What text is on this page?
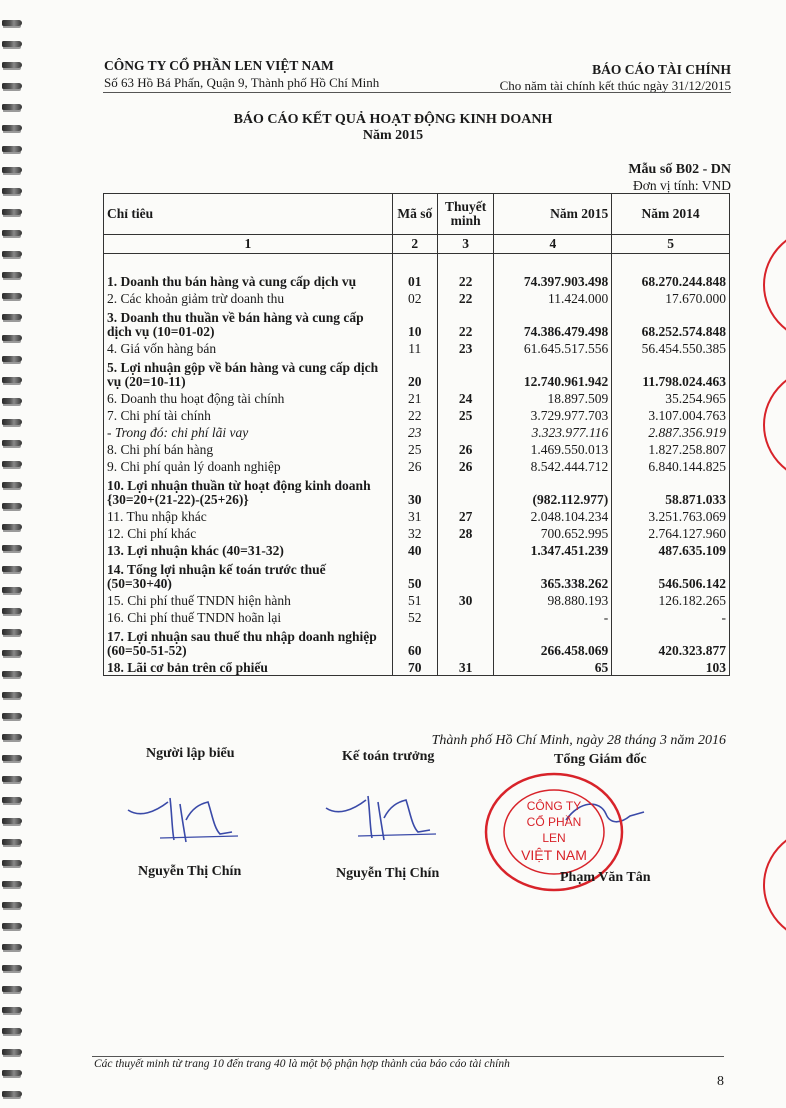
CÔNG TY CỔ PHẦN LEN VIỆT NAM
Số 63 Hồ Bá Phấn, Quận 9, Thành phố Hồ Chí Minh
BÁO CÁO TÀI CHÍNH
Cho năm tài chính kết thúc ngày 31/12/2015
BÁO CÁO KẾT QUẢ HOẠT ĐỘNG KINH DOANH
Năm 2015
Mẫu số B02 - DN
Đơn vị tính: VND
Chỉ tiêu	Mã số	Thuyết minh	Năm 2015	Năm 2014
1	2	3	4	5

1. Doanh thu bán hàng và cung cấp dịch vụ	01	22	74.397.903.498	68.270.244.848
2. Các khoản giảm trừ doanh thu	02	22	11.424.000	17.670.000
3. Doanh thu thuần về bán hàng và cung cấp dịch vụ (10=01-02)	10	22	74.386.479.498	68.252.574.848
4. Giá vốn hàng bán	11	23	61.645.517.556	56.454.550.385
5. Lợi nhuận gộp về bán hàng và cung cấp dịch vụ (20=10-11)	20		12.740.961.942	11.798.024.463
6. Doanh thu hoạt động tài chính	21	24	18.897.509	35.254.965
7. Chi phí tài chính	22	25	3.729.977.703	3.107.004.763
- Trong đó: chi phí lãi vay	23		3.323.977.116	2.887.356.919
8. Chi phí bán hàng	25	26	1.469.550.013	1.827.258.807
9. Chi phí quản lý doanh nghiệp	26	26	8.542.444.712	6.840.144.825
10. Lợi nhuận thuần từ hoạt động kinh doanh {30=20+(21-22)-(25+26)}	30		(982.112.977)	58.871.033
11. Thu nhập khác	31	27	2.048.104.234	3.251.763.069
12. Chi phí khác	32	28	700.652.995	2.764.127.960
13. Lợi nhuận khác (40=31-32)	40		1.347.451.239	487.635.109
14. Tổng lợi nhuận kế toán trước thuế (50=30+40)	50		365.338.262	546.506.142
15. Chi phí thuế TNDN hiện hành	51	30	98.880.193	126.182.265
16. Chi phí thuế TNDN hoãn lại	52		-	-
17. Lợi nhuận sau thuế thu nhập doanh nghiệp (60=50-51-52)	60		266.458.069	420.323.877
18. Lãi cơ bản trên cổ phiếu	70	31	65	103
Thành phố Hồ Chí Minh, ngày 28 tháng 3 năm 2016
Người lập biểu	Kế toán trưởng	Tổng Giám đốc
CÔNG TY
CỔ PHẦN
LEN
VIỆT NAM
Nguyễn Thị Chín	Nguyễn Thị Chín	Phạm Văn Tân
Các thuyết minh từ trang 10 đến trang 40 là một bộ phận hợp thành của báo cáo tài chính
8
